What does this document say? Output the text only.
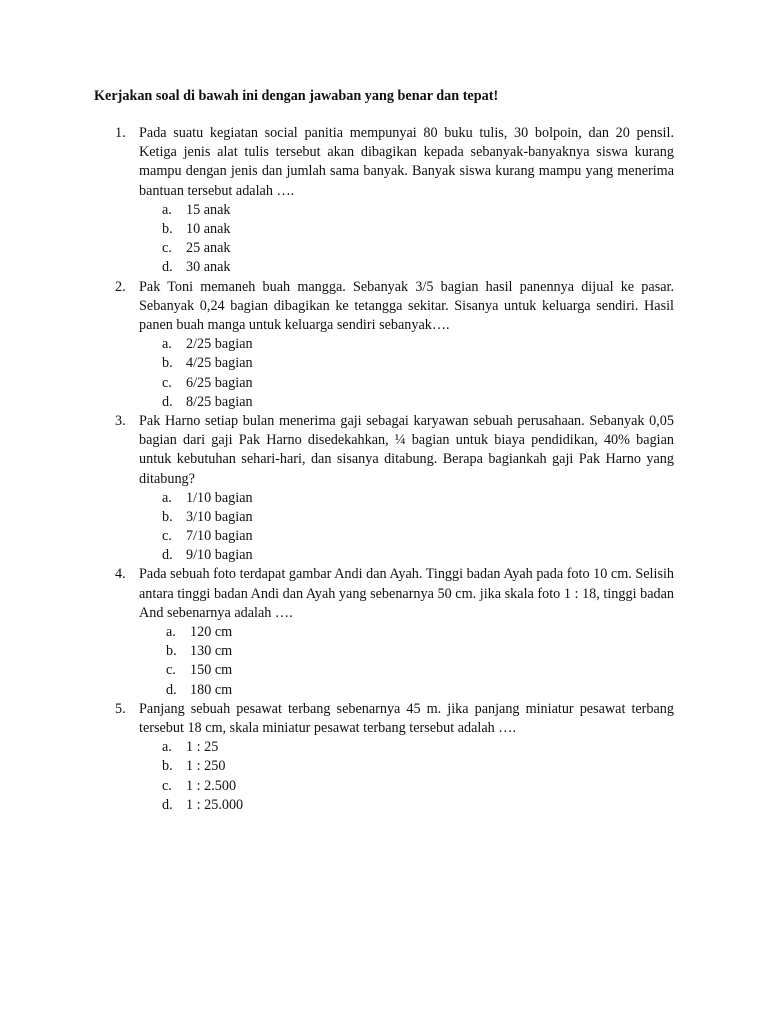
Kerjakan soal di bawah ini dengan jawaban yang benar dan tepat!
1. Pada suatu kegiatan social panitia mempunyai 80 buku tulis, 30 bolpoin, dan 20 pensil. Ketiga jenis alat tulis tersebut akan dibagikan kepada sebanyak-banyaknya siswa kurang mampu dengan jenis dan jumlah sama banyak. Banyak siswa kurang mampu yang menerima bantuan tersebut adalah ….
a. 15 anak
b. 10 anak
c. 25 anak
d. 30 anak
2. Pak Toni memaneh buah mangga. Sebanyak 3/5 bagian hasil panennya dijual ke pasar. Sebanyak 0,24 bagian dibagikan ke tetangga sekitar. Sisanya untuk keluarga sendiri. Hasil panen buah manga untuk keluarga sendiri sebanyak….
a. 2/25 bagian
b. 4/25 bagian
c. 6/25 bagian
d. 8/25 bagian
3. Pak Harno setiap bulan menerima gaji sebagai karyawan sebuah perusahaan. Sebanyak 0,05 bagian dari gaji Pak Harno disedekahkan, ¼ bagian untuk biaya pendidikan, 40% bagian untuk kebutuhan sehari-hari, dan sisanya ditabung. Berapa bagiankah gaji Pak Harno yang ditabung?
a. 1/10 bagian
b. 3/10 bagian
c. 7/10 bagian
d. 9/10 bagian
4. Pada sebuah foto terdapat gambar Andi dan Ayah. Tinggi badan Ayah pada foto 10 cm. Selisih antara tinggi badan Andi dan Ayah yang sebenarnya 50 cm. jika skala foto 1 : 18, tinggi badan And sebenarnya adalah ….
a. 120 cm
b. 130 cm
c. 150 cm
d. 180 cm
5. Panjang sebuah pesawat terbang sebenarnya 45 m. jika panjang miniatur pesawat terbang tersebut 18 cm, skala miniatur pesawat terbang tersebut adalah ….
a. 1 : 25
b. 1 : 250
c. 1 : 2.500
d. 1 : 25.000
